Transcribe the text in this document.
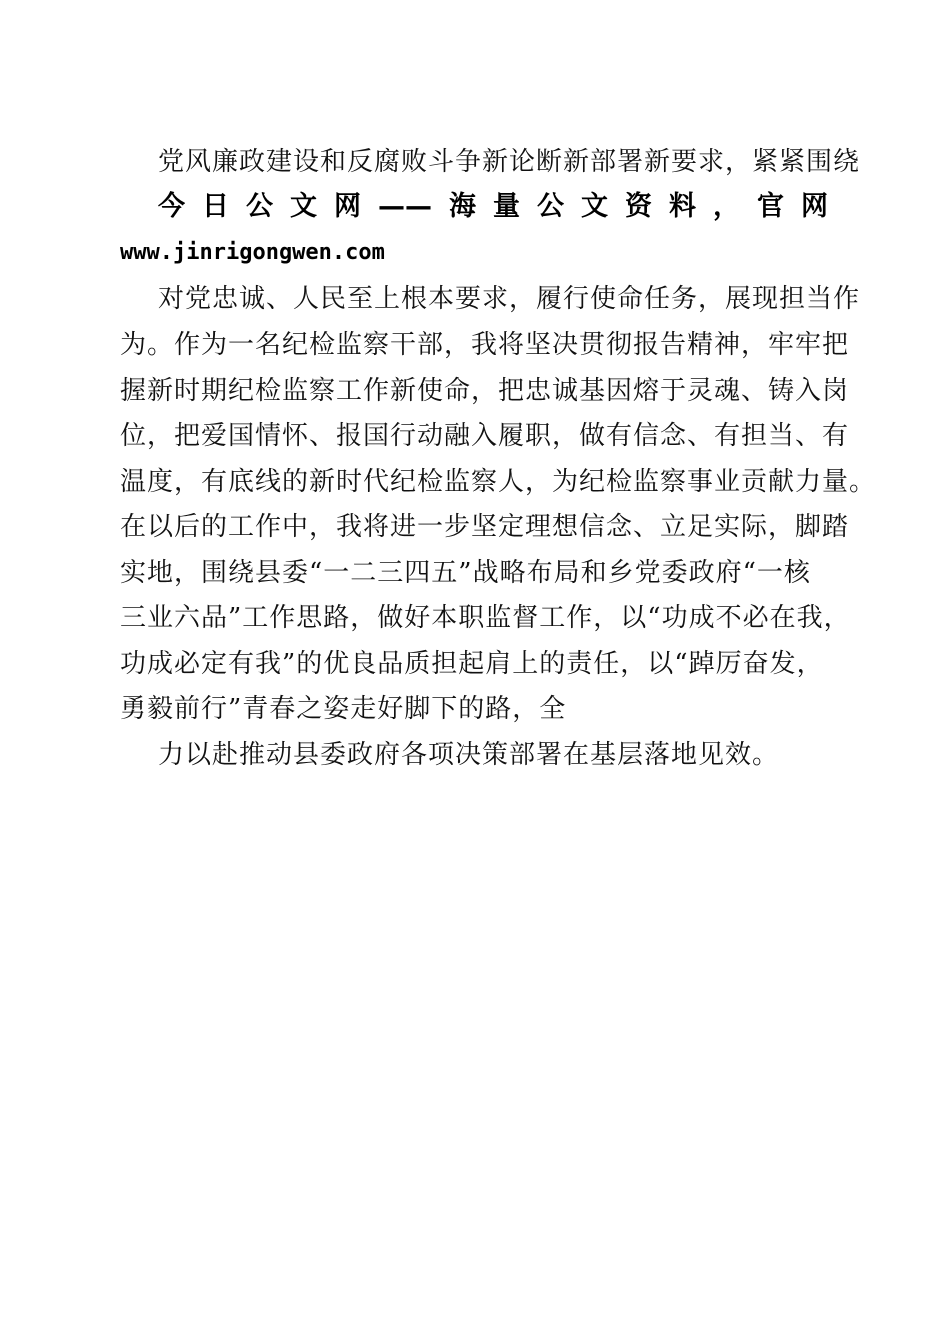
党风廉政建设和反腐败斗争新论断新部署新要求，紧紧围绕
今 日 公 文 网 —— 海 量 公 文 资 料 ， 官 网
www.jinrigongwen.com
对党忠诚、人民至上根本要求，履行使命任务，展现担当作
为。作为一名纪检监察干部，我将坚决贯彻报告精神，牢牢把
握新时期纪检监察工作新使命，把忠诚基因熔于灵魂、铸入岗
位，把爱国情怀、报国行动融入履职，做有信念、有担当、有
温度，有底线的新时代纪检监察人，为纪检监察事业贡献力量。
在以后的工作中，我将进一步坚定理想信念、立足实际，脚踏
实地，围绕县委“一二三四五”战略布局和乡党委政府“一核
三业六品”工作思路，做好本职监督工作，以“功成不必在我，
功成必定有我”的优良品质担起肩上的责任，以“踔厉奋发，
勇毅前行”青春之姿走好脚下的路，全
力以赴推动县委政府各项决策部署在基层落地见效。
